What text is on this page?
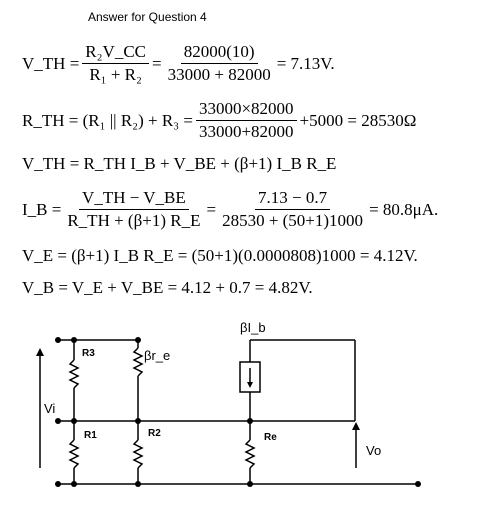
Answer for Question 4
V_TH = $\frac{\text{R₂V\_CC}}{\text{R₁ + R₂}} = \frac{82000(10)}{33000 + 82000} = 7.13V$.
R_TH = (R₁ || $R_2) + R_3 = \frac{33000\times 82000}{33000+82000} +5000 = 28530\Omega$
V_TH = R_TH I_B + V_BE + (β+1) I_B R_E
I_B = $\frac{V\_TH - V\_BE}{R\_TH + (\beta+1) R\_E} = \frac{7.13 - 0.7}{28530 + (50+1)1000} = 80.8\mu A$.
V_E = (β+1) I_B R_E = (50+1)(0.0000808)1000 = 4.12V.
V_B = V_E + V_BE = 4.12 + 0.7 = 4.82V.
βI_b
βr_e
R3
R1	R2	Re
Vi
Vo
